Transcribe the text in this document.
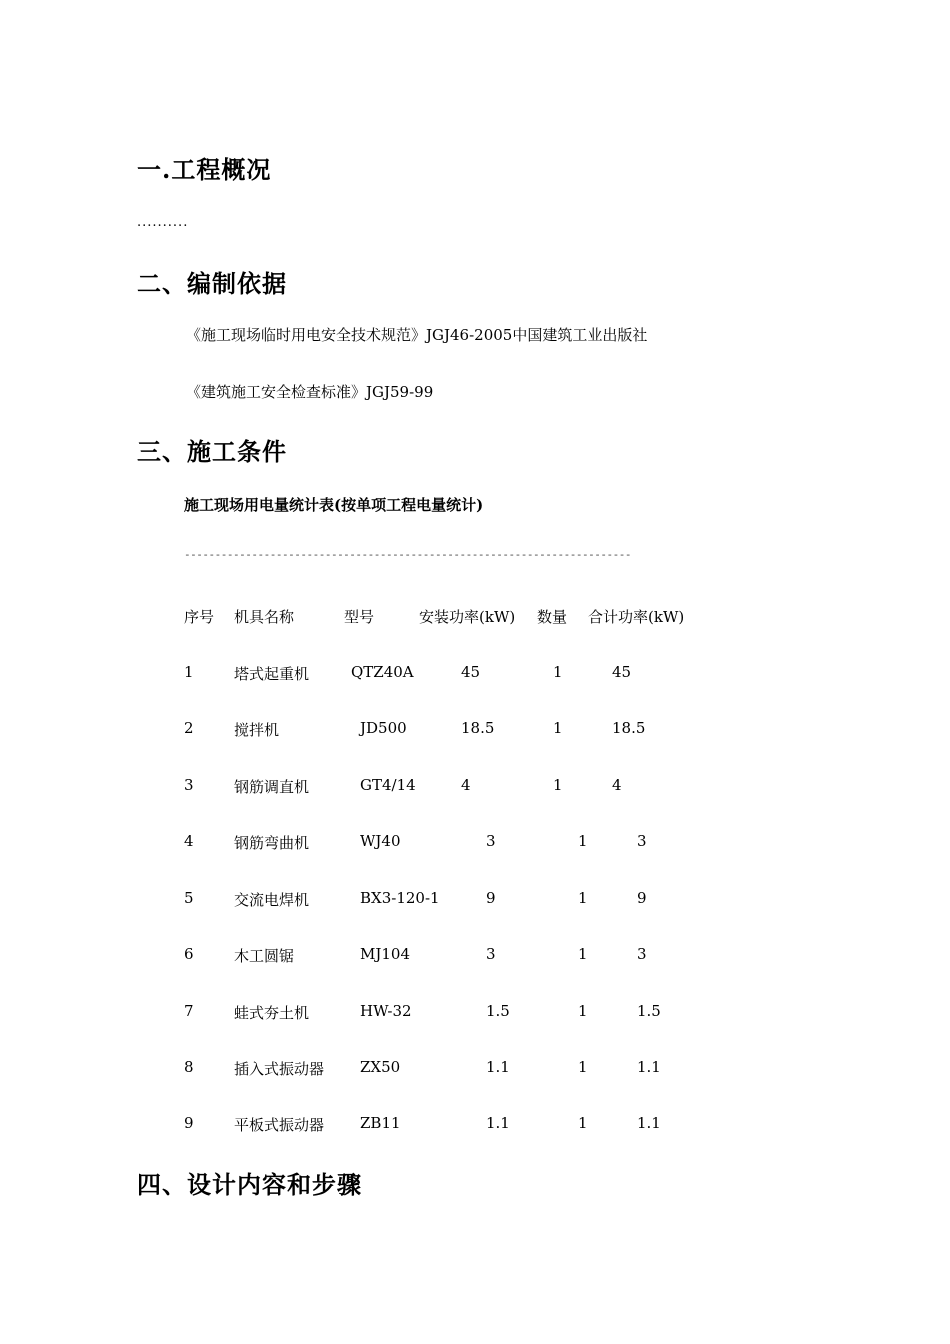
一.工程概况
..........
二、编制依据
《施工现场临时用电安全技术规范》JGJ46-2005中国建筑工业出版社
《建筑施工安全检查标准》JGJ59-99
三、施工条件
施工现场用电量统计表(按单项工程电量统计)
-------------------------------------------------------------------------
序号 机具名称	型号	安装功率(kW) 数量 合计功率(kW)
1	塔式起重机	QTZ40A	45	1	45
2	搅拌机	JD500	18.5	1	18.5
3	钢筋调直机	GT4/14	4	1	4
4	钢筋弯曲机	WJ40	3	1	3
5	交流电焊机	BX3-120-1	9	1	9
6	木工圆锯	MJ104	3	1	3
7	蛙式夯土机	HW-32	1.5	1	1.5
8	插入式振动器 ZX50	1.1	1	1.1
9	平板式振动器 ZB11	1.1	1	1.1
四、设计内容和步骤
